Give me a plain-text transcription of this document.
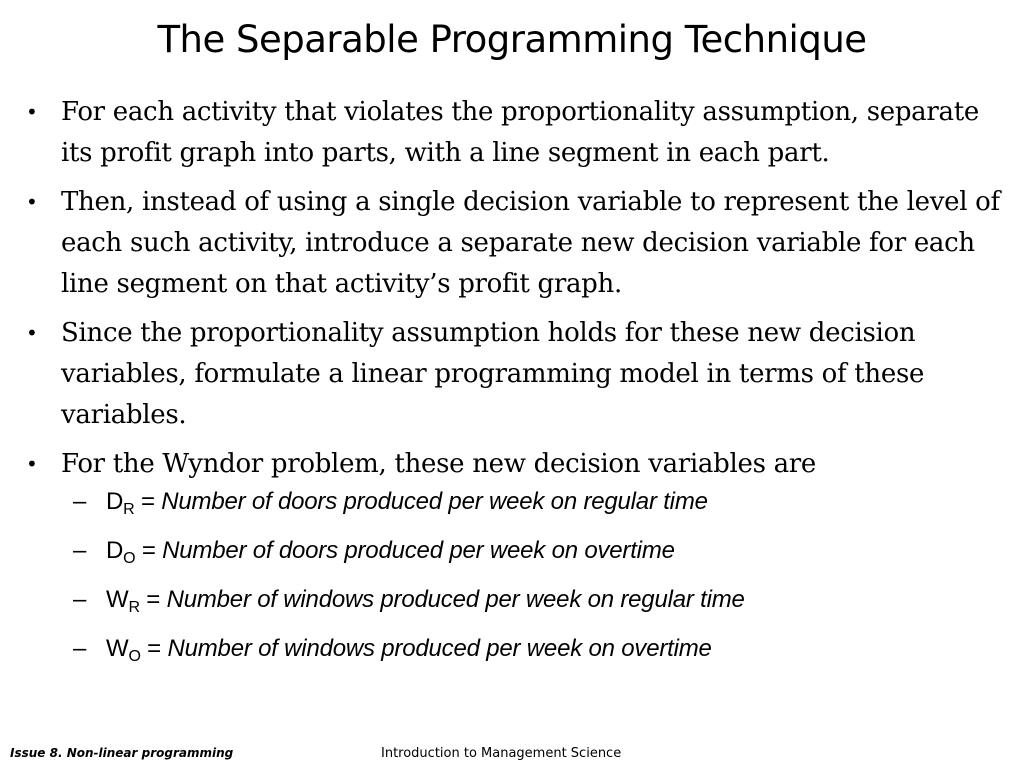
The Separable Programming Technique
• For each activity that violates the proportionality assumption, separate its profit graph into parts, with a line segment in each part.
• Then, instead of using a single decision variable to represent the level of each such activity, introduce a separate new decision variable for each line segment on that activity’s profit graph.
• Since the proportionality assumption holds for these new decision variables, formulate a linear programming model in terms of these variables.
• For the Wyndor problem, these new decision variables are
– $D_R$ = Number of doors produced per week on regular time
– $D_O$ = Number of doors produced per week on overtime
– $W_R$ = Number of windows produced per week on regular time
– $W_O$ = Number of windows produced per week on overtime
Issue 8. Non-linear programming	Introduction to Management Science
